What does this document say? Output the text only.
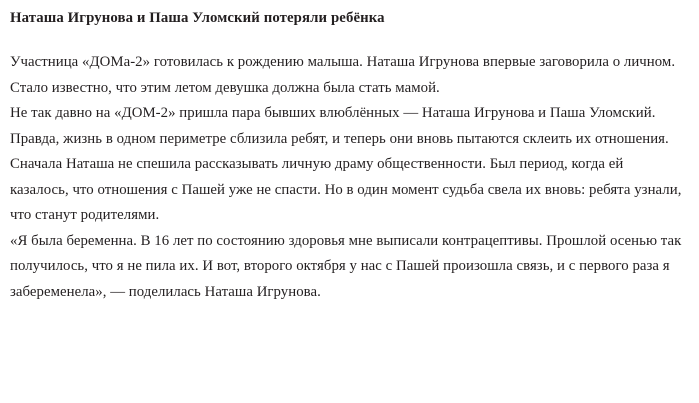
Наташа Игрунова и Паша Уломский потеряли ребёнка

Участница «ДОМа-2» готовилась к рождению малыша. Наташа Игрунова впервые заговорила о личном. Стало известно, что этим летом девушка должна была стать мамой.

Не так давно на «ДОМ-2» пришла пара бывших влюблённых — Наташа Игрунова и Паша Уломский. Правда, жизнь в одном периметре сблизила ребят, и теперь они вновь пытаются склеить их отношения.

Сначала Наташа не спешила рассказывать личную драму общественности. Был период, когда ей казалось, что отношения с Пашей уже не спасти. Но в один момент судьба свела их вновь: ребята узнали, что станут родителями.

«Я была беременна. В 16 лет по состоянию здоровья мне выписали контрацептивы. Прошлой осенью так получилось, что я не пила их. И вот, второго октября у нас с Пашей произошла связь, и с первого раза я забеременела», — поделилась Наташа Игрунова.
